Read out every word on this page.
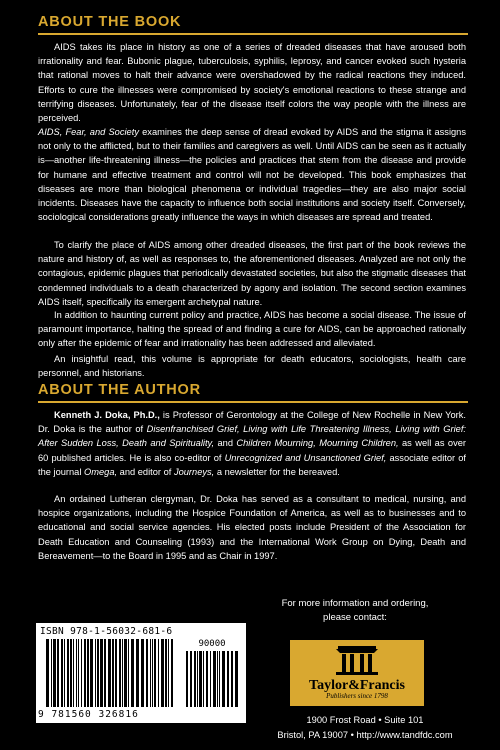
ABOUT THE BOOK

AIDS takes its place in history as one of a series of dreaded diseases that have aroused both irrationality and fear. Bubonic plague, tuberculosis, syphilis, leprosy, and cancer evoked such hysteria that rational moves to halt their advance were overshadowed by the radical reactions they induced. Efforts to cure the illnesses were compromised by society's emotional reactions to these strange and terrifying diseases. Unfortunately, fear of the disease itself colors the way people with the illness are perceived.

AIDS, Fear, and Society examines the deep sense of dread evoked by AIDS and the stigma it assigns not only to the afflicted, but to their families and caregivers as well. Until AIDS can be seen as it actually is—another life-threatening illness—the policies and practices that stem from the disease and provide for humane and effective treatment and control will not be developed. This book emphasizes that diseases are more than biological phenomena or individual tragedies—they are also major social incidents. Diseases have the capacity to influence both social institutions and society itself. Conversely, sociological considerations greatly influence the ways in which diseases are spread and treated.

To clarify the place of AIDS among other dreaded diseases, the first part of the book reviews the nature and history of, as well as responses to, the aforementioned diseases. Analyzed are not only the contagious, epidemic plagues that periodically devastated societies, but also the stigmatic diseases that condemned individuals to a death characterized by agony and isolation. The second section examines AIDS itself, specifically its emergent archetypal nature.

In addition to haunting current policy and practice, AIDS has become a social disease. The issue of paramount importance, halting the spread of and finding a cure for AIDS, can be approached rationally only after the epidemic of fear and irrationality has been addressed and alleviated.

An insightful read, this volume is appropriate for death educators, sociologists, health care personnel, and historians.

ABOUT THE AUTHOR

Kenneth J. Doka, Ph.D., is Professor of Gerontology at the College of New Rochelle in New York. Dr. Doka is the author of Disenfranchised Grief, Living with Life Threatening Illness, Living with Grief: After Sudden Loss, Death and Spirituality, and Children Mourning, Mourning Children, as well as over 60 published articles. He is also co-editor of Unrecognized and Unsanctioned Grief, associate editor of the journal Omega, and editor of Journeys, a newsletter for the bereaved.

An ordained Lutheran clergyman, Dr. Doka has served as a consultant to medical, nursing, and hospice organizations, including the Hospice Foundation of America, as well as to businesses and to educational and social service agencies. His elected posts include President of the Association for Death Education and Counseling (1993) and the International Work Group on Dying, Death and Bereavement—to the Board in 1995 and as Chair in 1997.

For more information and ordering,
please contact:
ISBN 978-1-56032-681-6
90000
9 781560 326816
Taylor&Francis
Publishers since 1798
1900 Frost Road • Suite 101
Bristol, PA 19007 • http://www.tandfdc.com
